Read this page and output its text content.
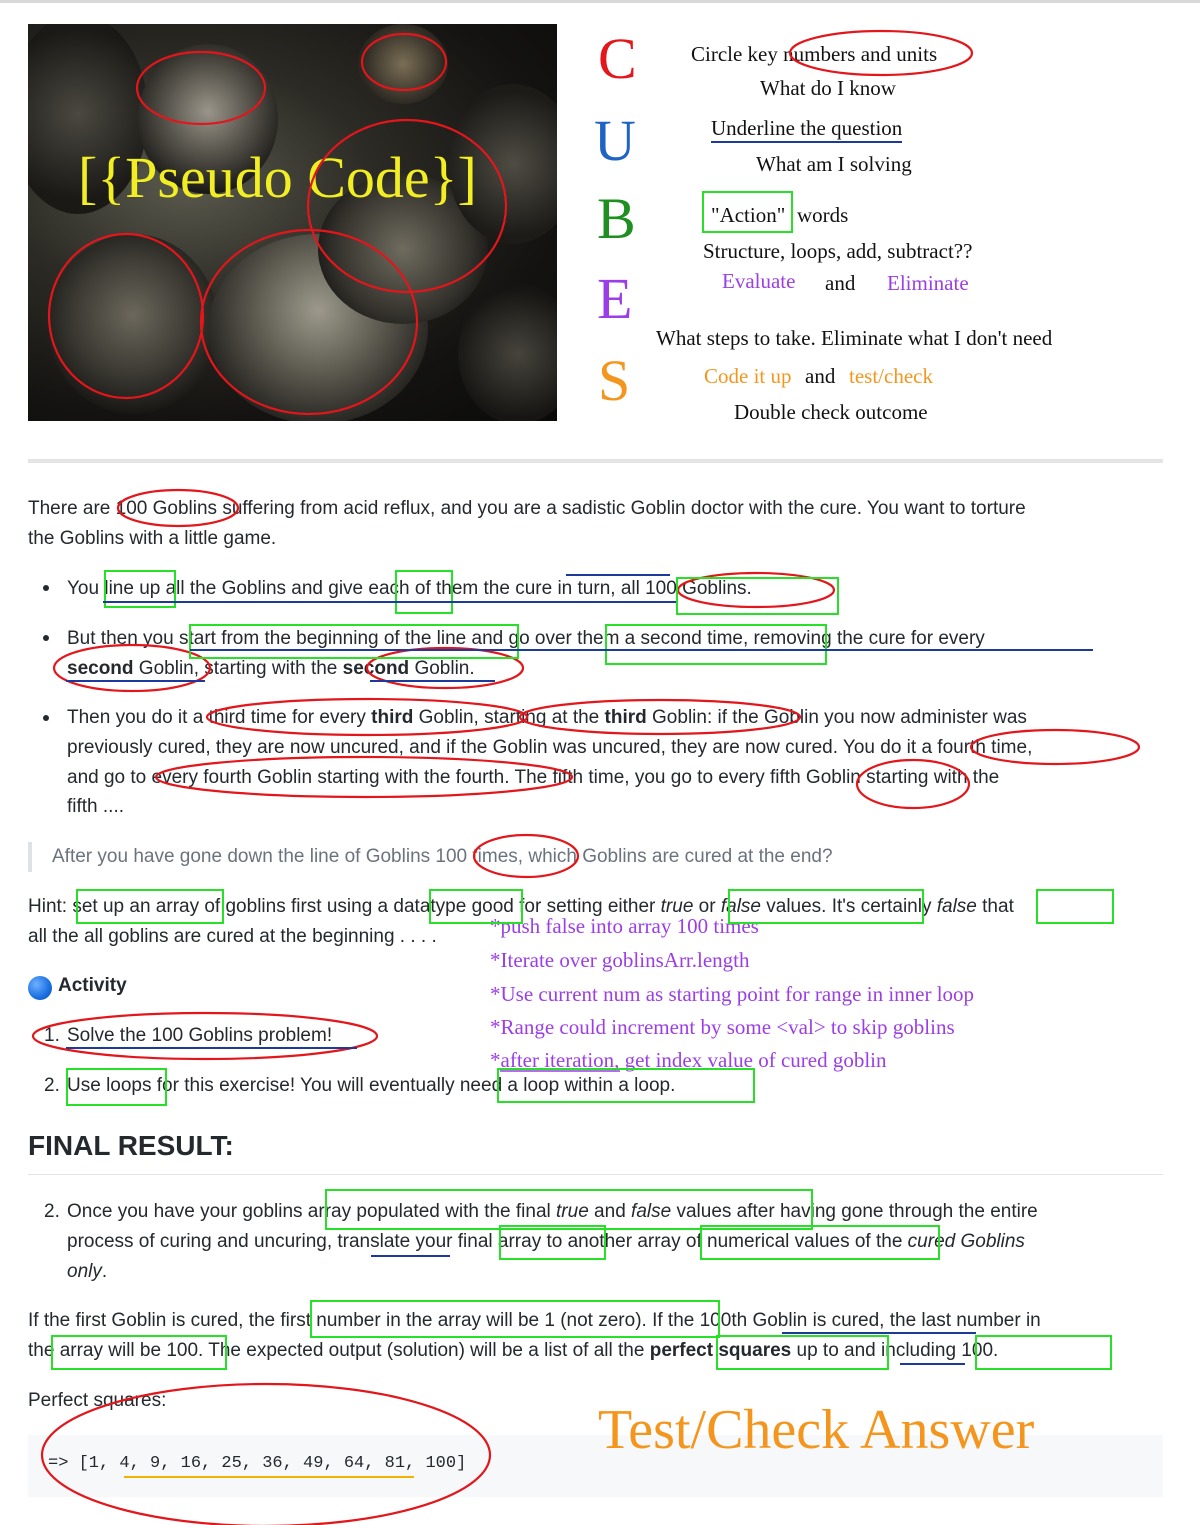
[{Pseudo Code}]
C
U
B
E
S
Circle key numbers and units
What do I know
Underline the question
What am I solving
"Action" words
Structure, loops, add, subtract??
Evaluate and Eliminate
What steps to take. Eliminate what I don't need
Code it up and test/check
Double check outcome
There are 100 Goblins suffering from acid reflux, and you are a sadistic Goblin doctor with the cure. You want to torture
the Goblins with a little game.
You line up all the Goblins and give each of them the cure in turn, all 100 Goblins.
But then you start from the beginning of the line and go over them a second time, removing the cure for every
second Goblin, starting with the second Goblin.
Then you do it a third time for every third Goblin, starting at the third Goblin: if the Goblin you now administer was
previously cured, they are now uncured, and if the Goblin was uncured, they are now cured. You do it a fourth time,
and go to every fourth Goblin starting with the fourth. The fifth time, you go to every fifth Goblin starting with the
fifth ....
After you have gone down the line of Goblins 100 times, which Goblins are cured at the end?
Hint: set up an array of goblins first using a datatype good for setting either true or false values. It's certainly false that
all the all goblins are cured at the beginning . . . .	*push false into array 100 times
*Iterate over goblinsArr.length
*Use current num as starting point for range in inner loop
*Range could increment by some <val> to skip goblins
*after iteration, get index value of cured goblin
Activity
1. Solve the 100 Goblins problem!
2. Use loops for this exercise! You will eventually need a loop within a loop.
FINAL RESULT:
2. Once you have your goblins array populated with the final true and false values after having gone through the entire
process of curing and uncuring, translate your final array to another array of numerical values of the cured Goblins
only.
If the first Goblin is cured, the first number in the array will be 1 (not zero). If the 100th Goblin is cured, the last number in
the array will be 100. The expected output (solution) will be a list of all the perfect squares up to and including 100.
Perfect squares:
=> [1, 4, 9, 16, 25, 36, 49, 64, 81, 100]
Test/Check Answer
